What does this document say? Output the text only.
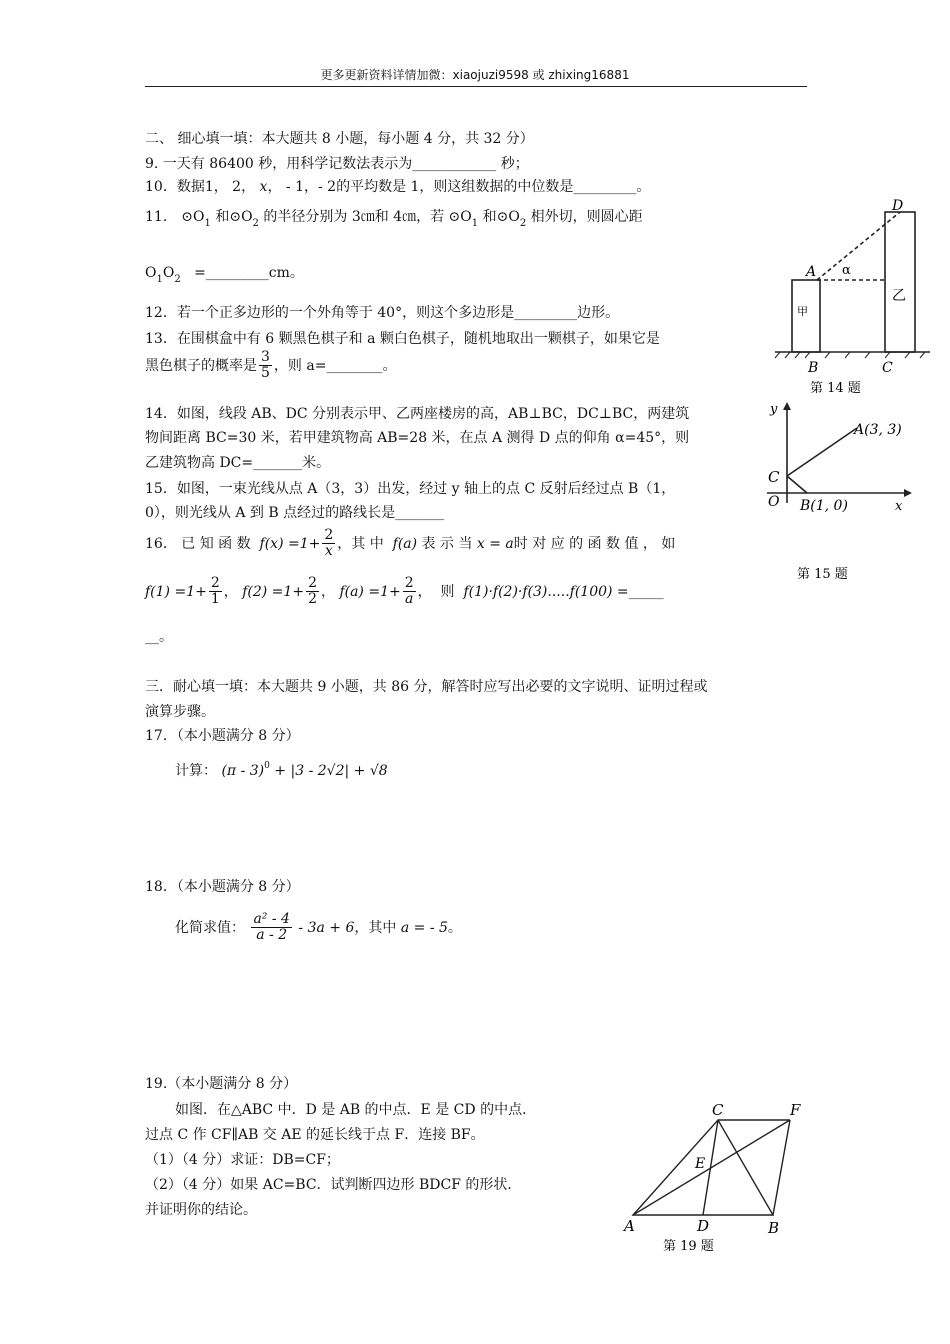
更多更新资料详情加微：xiaojuzi9598 或 zhixing16881
二、 细心填一填：本大题共 8 小题，每小题 4 分，共 32 分）
9. 一天有 86400 秒，用科学记数法表示为____________ 秒；
10．数据1， 2， x， - 1，- 2的平均数是 1，则这组数据的中位数是_________。
11． $⊙O_1$ 和$⊙O_2$ 的半径分别为 3㎝和 4㎝，若 $⊙O_1$ 和$⊙O_2$ 相外切，则圆心距
$O_1O_2$ =_________cm。
12．若一个正多边形的一个外角等于 40°，则这个多边形是_________边形。
13．在围棋盒中有 6 颗黑色棋子和 a 颗白色棋子，随机地取出一颗棋子，如果它是
黑色棋子的概率是 $\frac{3}{5}$ ，则 a=________。
14．如图，线段 AB、DC 分别表示甲、乙两座楼房的高，AB⊥BC，DC⊥BC，两建筑
物间距离 BC=30 米，若甲建筑物高 AB=28 米，在点 A 测得 D 点的仰角 α=45°，则
乙建筑物高 DC=_______米。
15．如图，一束光线从点 A（3，3）出发，经过 y 轴上的点 C 反射后经过点 B（1，
0），则光线从 A 到 B 点经过的路线长是_______
16． 已 知 函 数 $f(x) =1+ \frac{2}{x}$ ，其 中 f(a) 表 示 当 x = a时 对 应 的 函 数 值 ， 如
$f(1) =1+ \frac{2}{1}$ ， $f(2) =1+ \frac{2}{2}$ ， $f(a) =1+ \frac{2}{a}$ ，  则 f(1)·f(2)·f(3).....f(100) =_____
__。
三．耐心填一填：本大题共 9 小题，共 86 分，解答时应写出必要的文字说明、证明过程或
演算步骤。
17．（本小题满分 8 分）
计算： (π - 3)$^0$ + |3 - 2√2| + √8
18．（本小题满分 8 分）
化简求值： $\frac{\text{a² - 4}}{a - 2} - 3a + 6$，其中 a = - 5。
19.（本小题满分 8 分）
如图．在△ABC 中．D 是 AB 的中点．E 是 CD 的中点．
过点 C 作 CF∥AB 交 AE 的延长线于点 F．连接 BF。
（1）（4 分）求证：DB=CF；
（2）（4 分）如果 AC=BC．试判断四边形 BDCF 的形状．
并证明你的结论。
D
A α
乙
甲
B	C
第 14 题
y
A(3, 3)
C
O B(1, 0)	x
第 15 题
C	F
E
A	D	B
第 19 题
